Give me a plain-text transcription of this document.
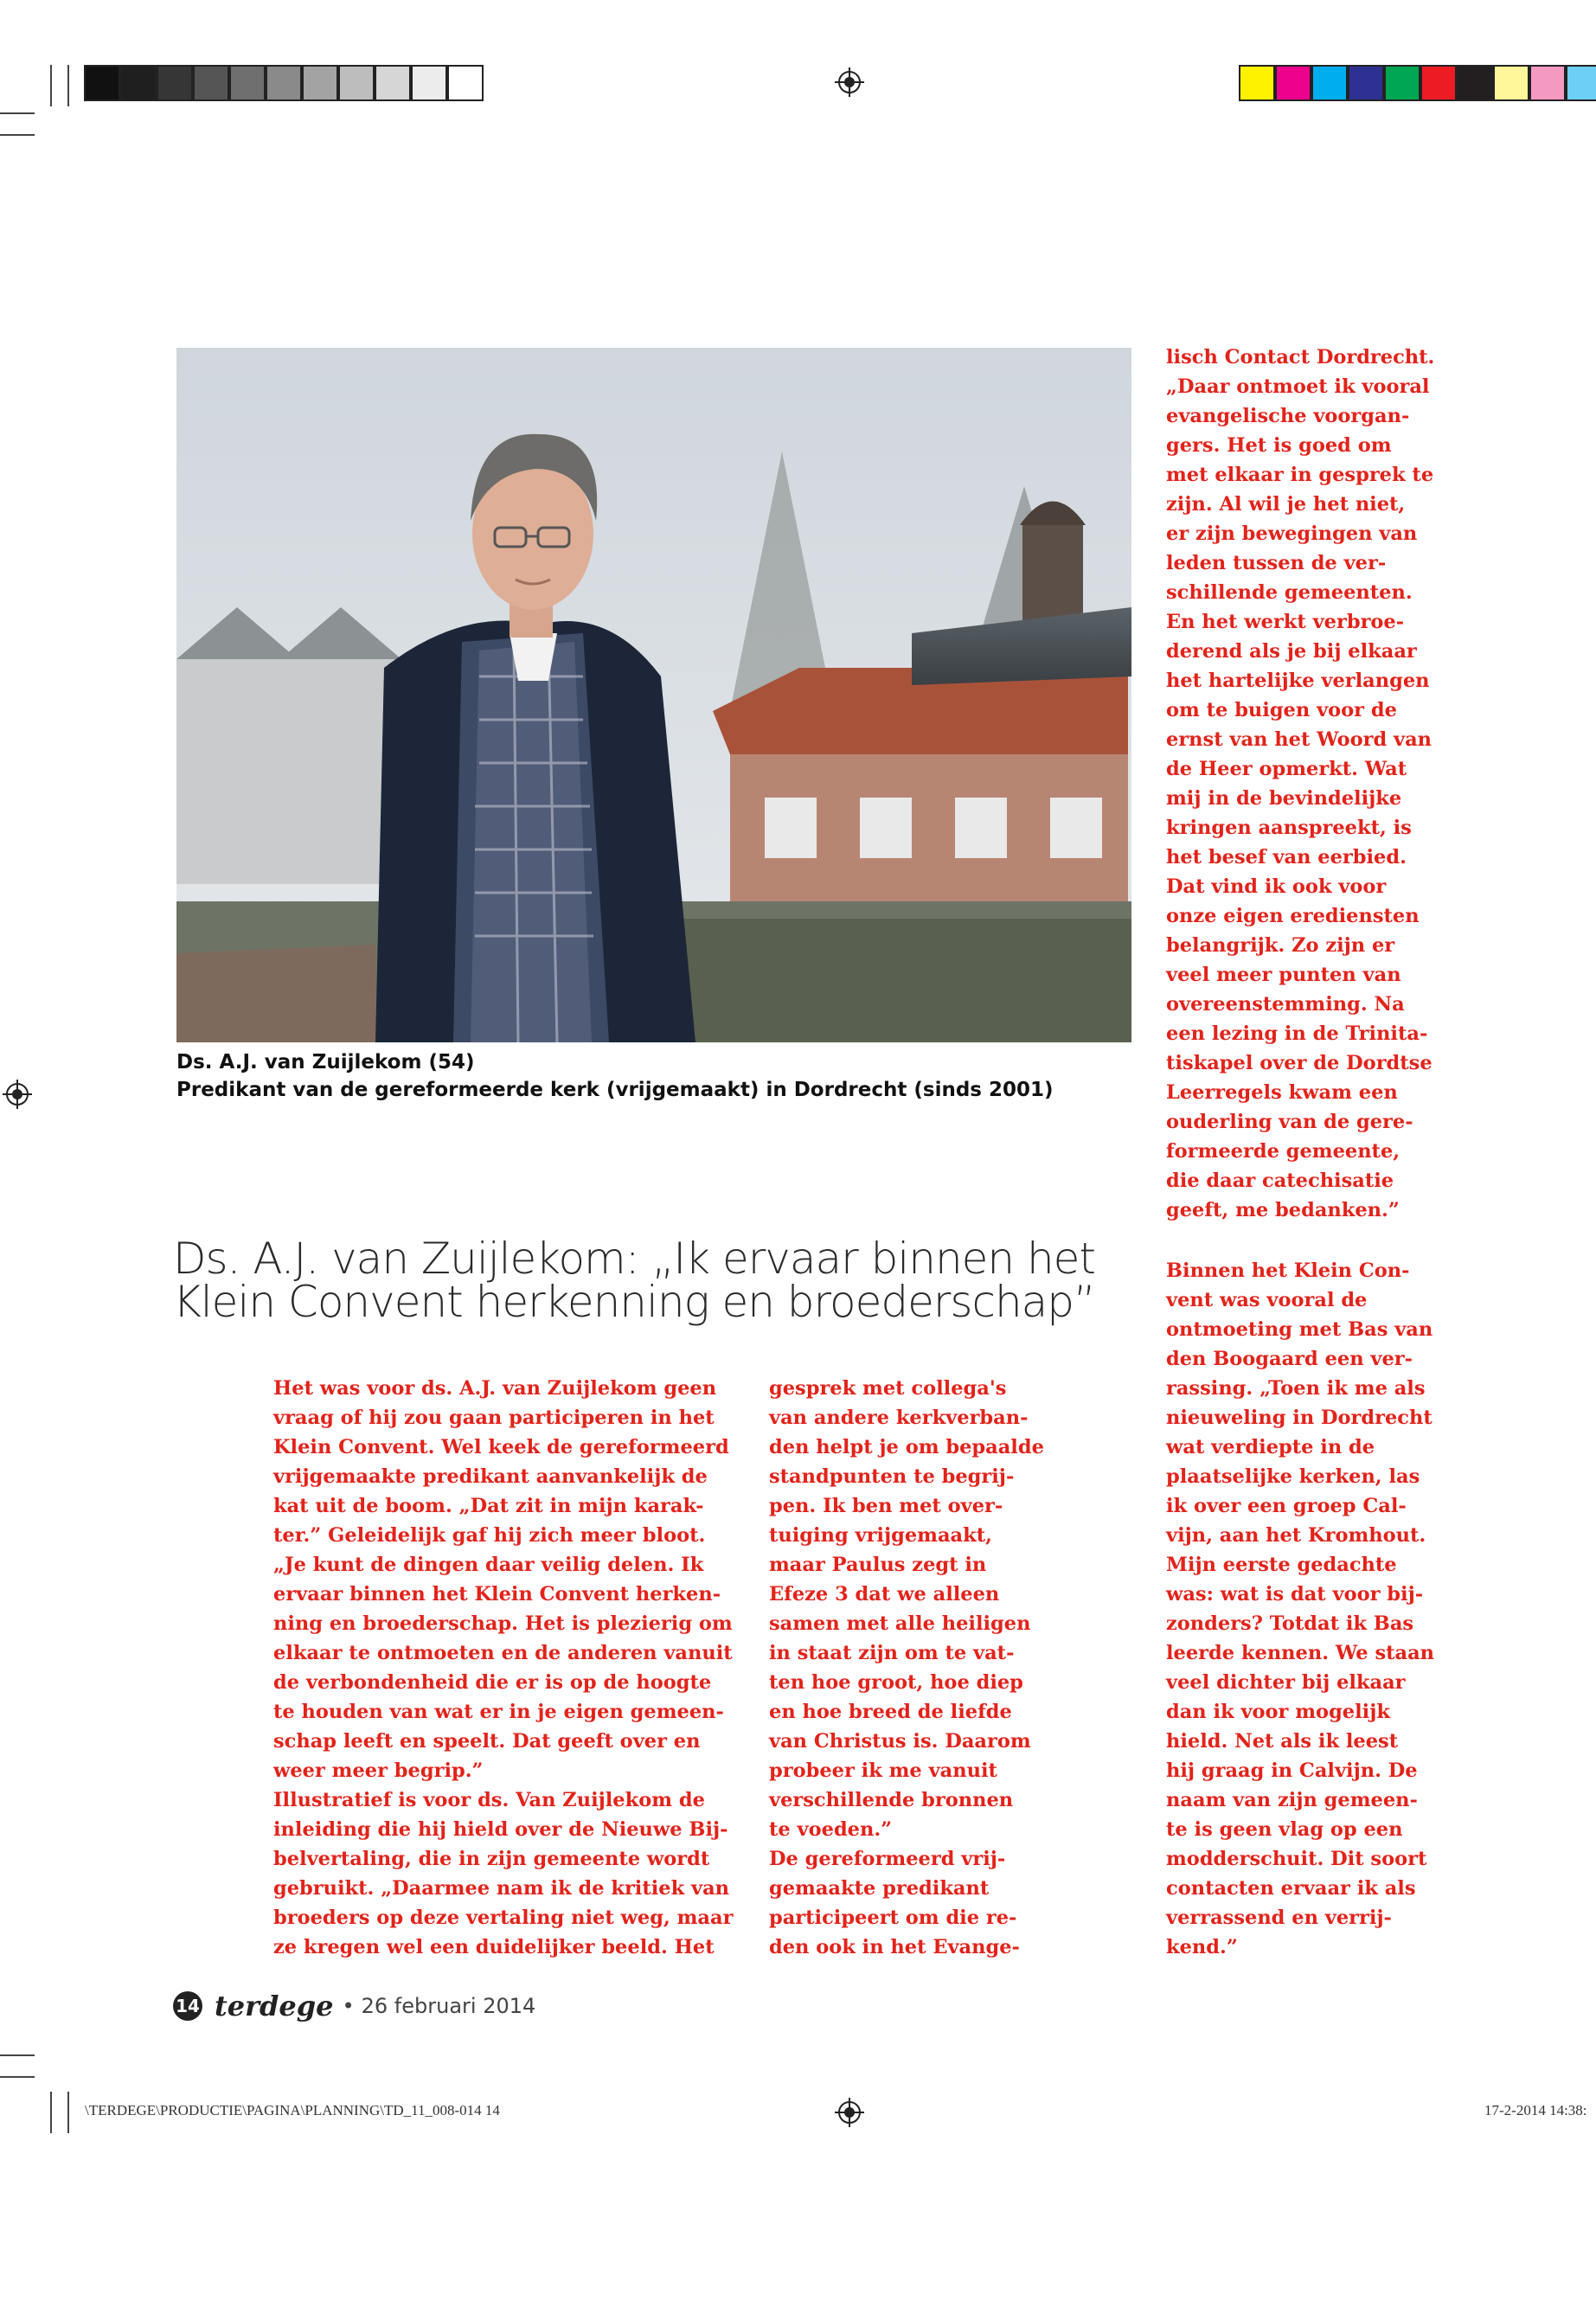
Ds. A.J. van Zuijlekom (54)
Predikant van de gereformeerde kerk (vrijgemaakt) in Dordrecht (sinds 2001)
Ds. A.J. van Zuijlekom: „Ik ervaar binnen het
Klein Convent herkenning en broederschap”
Het was voor ds. A.J. van Zuijlekom geen
vraag of hij zou gaan participeren in het
Klein Convent. Wel keek de gereformeerd
vrijgemaakte predikant aanvankelijk de
kat uit de boom. „Dat zit in mijn karak-
ter.” Geleidelijk gaf hij zich meer bloot.
„Je kunt de dingen daar veilig delen. Ik
ervaar binnen het Klein Convent herken-
ning en broederschap. Het is plezierig om
elkaar te ontmoeten en de anderen vanuit
de verbondenheid die er is op de hoogte
te houden van wat er in je eigen gemeen-
schap leeft en speelt. Dat geeft over en
weer meer begrip.”
Illustratief is voor ds. Van Zuijlekom de
inleiding die hij hield over de Nieuwe Bij-
belvertaling, die in zijn gemeente wordt
gebruikt. „Daarmee nam ik de kritiek van
broeders op deze vertaling niet weg, maar
ze kregen wel een duidelijker beeld. Het
gesprek met collega's
van andere kerkverban-
den helpt je om bepaalde
standpunten te begrij-
pen. Ik ben met over-
tuiging vrijgemaakt,
maar Paulus zegt in
Efeze 3 dat we alleen
samen met alle heiligen
in staat zijn om te vat-
ten hoe groot, hoe diep
en hoe breed de liefde
van Christus is. Daarom
probeer ik me vanuit
verschillende bronnen
te voeden.”
De gereformeerd vrij-
gemaakte predikant
participeert om die re-
den ook in het Evange-
lisch Contact Dordrecht.
„Daar ontmoet ik vooral
evangelische voorgan-
gers. Het is goed om
met elkaar in gesprek te
zijn. Al wil je het niet,
er zijn bewegingen van
leden tussen de ver-
schillende gemeenten.
En het werkt verbroe-
derend als je bij elkaar
het hartelijke verlangen
om te buigen voor de
ernst van het Woord van
de Heer opmerkt. Wat
mij in de bevindelijke
kringen aanspreekt, is
het besef van eerbied.
Dat vind ik ook voor
onze eigen erediensten
belangrijk. Zo zijn er
veel meer punten van
overeenstemming. Na
een lezing in de Trinita-
tiskapel over de Dordtse
Leerregels kwam een
ouderling van de gere-
formeerde gemeente,
die daar catechisatie
geeft, me bedanken.”
Binnen het Klein Con-
vent was vooral de
ontmoeting met Bas van
den Boogaard een ver-
rassing. „Toen ik me als
nieuweling in Dordrecht
wat verdiepte in de
plaatselijke kerken, las
ik over een groep Cal-
vijn, aan het Kromhout.
Mijn eerste gedachte
was: wat is dat voor bij-
zonders? Totdat ik Bas
leerde kennen. We staan
veel dichter bij elkaar
dan ik voor mogelijk
hield. Net als ik leest
hij graag in Calvijn. De
naam van zijn gemeen-
te is geen vlag op een
modderschuit. Dit soort
contacten ervaar ik als
verrassend en verrij-
kend.”
14 terdege • 26 februari 2014
\TERDEGE\PRODUCTIE\PAGINA\PLANNING\TD_11_008-014 14	17-2-2014 14:38:
